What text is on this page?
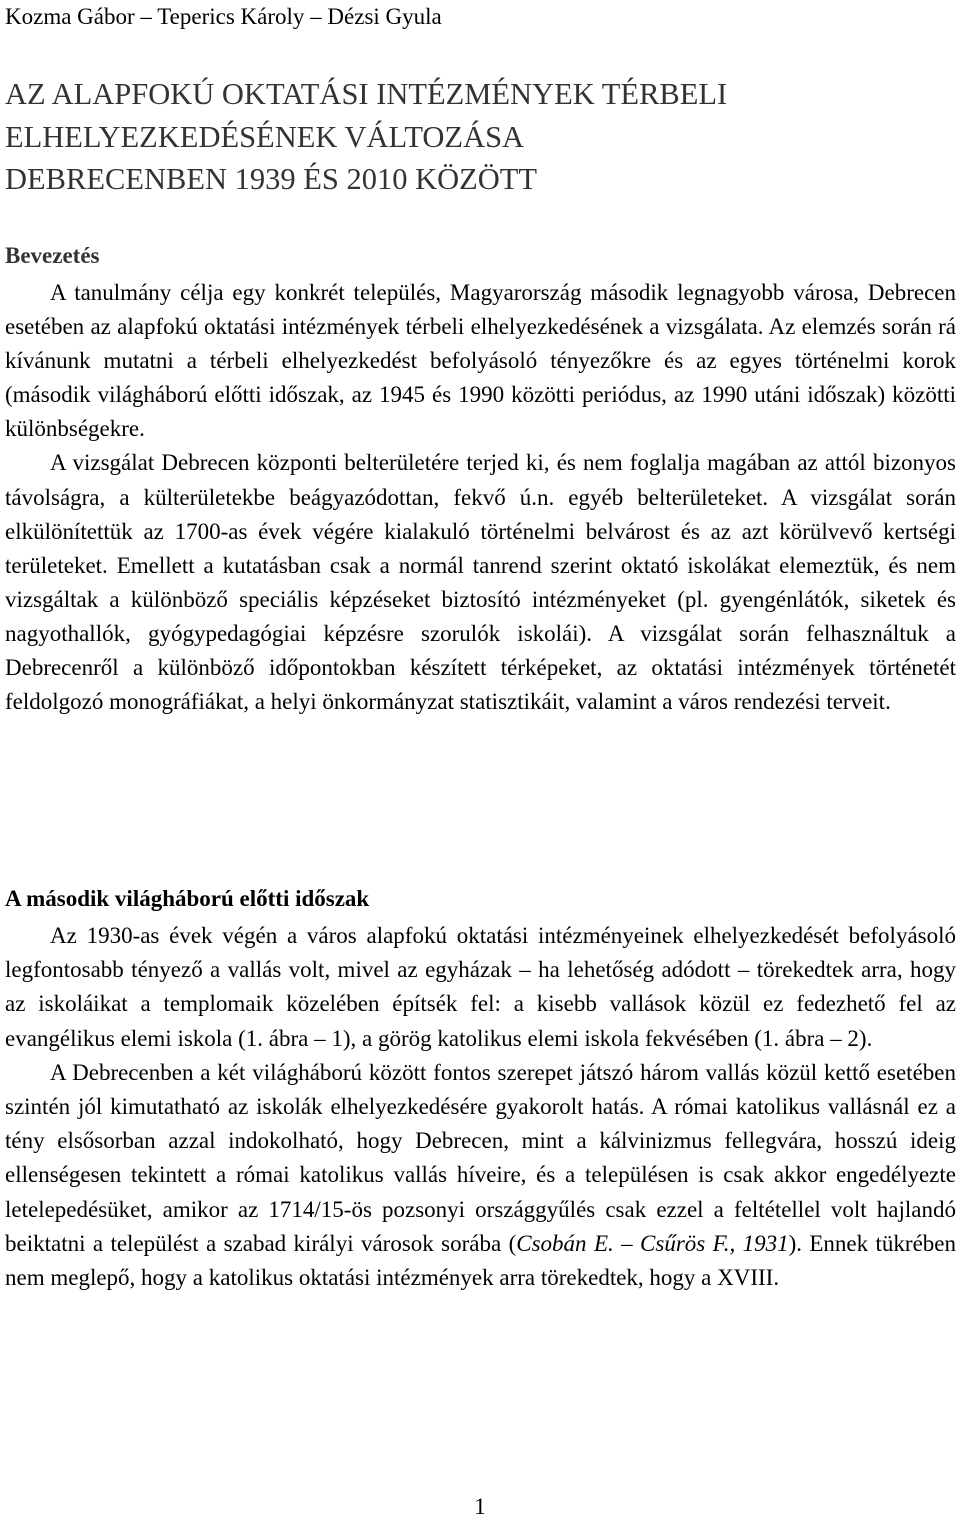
Kozma Gábor – Teperics Károly – Dézsi Gyula
AZ ALAPFOKÚ OKTATÁSI INTÉZMÉNYEK TÉRBELI
ELHELYEZKEDÉSÉNEK VÁLTOZÁSA
DEBRECENBEN 1939 ÉS 2010 KÖZÖTT
Bevezetés

A tanulmány célja egy konkrét település, Magyarország második legnagyobb városa, Debrecen esetében az alapfokú oktatási intézmények térbeli elhelyezkedésének a vizsgálata. Az elemzés során rá kívánunk mutatni a térbeli elhelyezkedést befolyásoló tényezőkre és az egyes történelmi korok (második világháború előtti időszak, az 1945 és 1990 közötti periódus, az 1990 utáni időszak) közötti különbségekre.

A vizsgálat Debrecen központi belterületére terjed ki, és nem foglalja magában az attól bizonyos távolságra, a külterületekbe beágyazódottan, fekvő ú.n. egyéb belterületeket. A vizsgálat során elkülönítettük az 1700-as évek végére kialakuló történelmi belvárost és az azt körülvevő kertségi területeket. Emellett a kutatásban csak a normál tanrend szerint oktató iskolákat elemeztük, és nem vizsgáltak a különböző speciális képzéseket biztosító intézményeket (pl. gyengénlátók, siketek és nagyothallók, gyógypedagógiai képzésre szorulók iskolái). A vizsgálat során felhasználtuk a Debrecenről a különböző időpontokban készített térképeket, az oktatási intézmények történetét feldolgozó monográfiákat, a helyi önkormányzat statisztikáit, valamint a város rendezési terveit.

A második világháború előtti időszak

Az 1930-as évek végén a város alapfokú oktatási intézményeinek elhelyezkedését befolyásoló legfontosabb tényező a vallás volt, mivel az egyházak – ha lehetőség adódott – törekedtek arra, hogy az iskoláikat a templomaik közelében építsék fel: a kisebb vallások közül ez fedezhető fel az evangélikus elemi iskola (1. ábra – 1), a görög katolikus elemi iskola fekvésében (1. ábra – 2).

A Debrecenben a két világháború között fontos szerepet játszó három vallás közül kettő esetében szintén jól kimutatható az iskolák elhelyezkedésére gyakorolt hatás. A római katolikus vallásnál ez a tény elsősorban azzal indokolható, hogy Debrecen, mint a kálvinizmus fellegvára, hosszú ideig ellenségesen tekintett a római katolikus vallás híveire, és a településen is csak akkor engedélyezte letelepedésüket, amikor az 1714/15-ös pozsonyi országgyűlés csak ezzel a feltétellel volt hajlandó beiktatni a települést a szabad királyi városok sorába (Csobán E. – Csűrös F., 1931). Ennek tükrében nem meglepő, hogy a katolikus oktatási intézmények arra törekedtek, hogy a XVIII.

1
